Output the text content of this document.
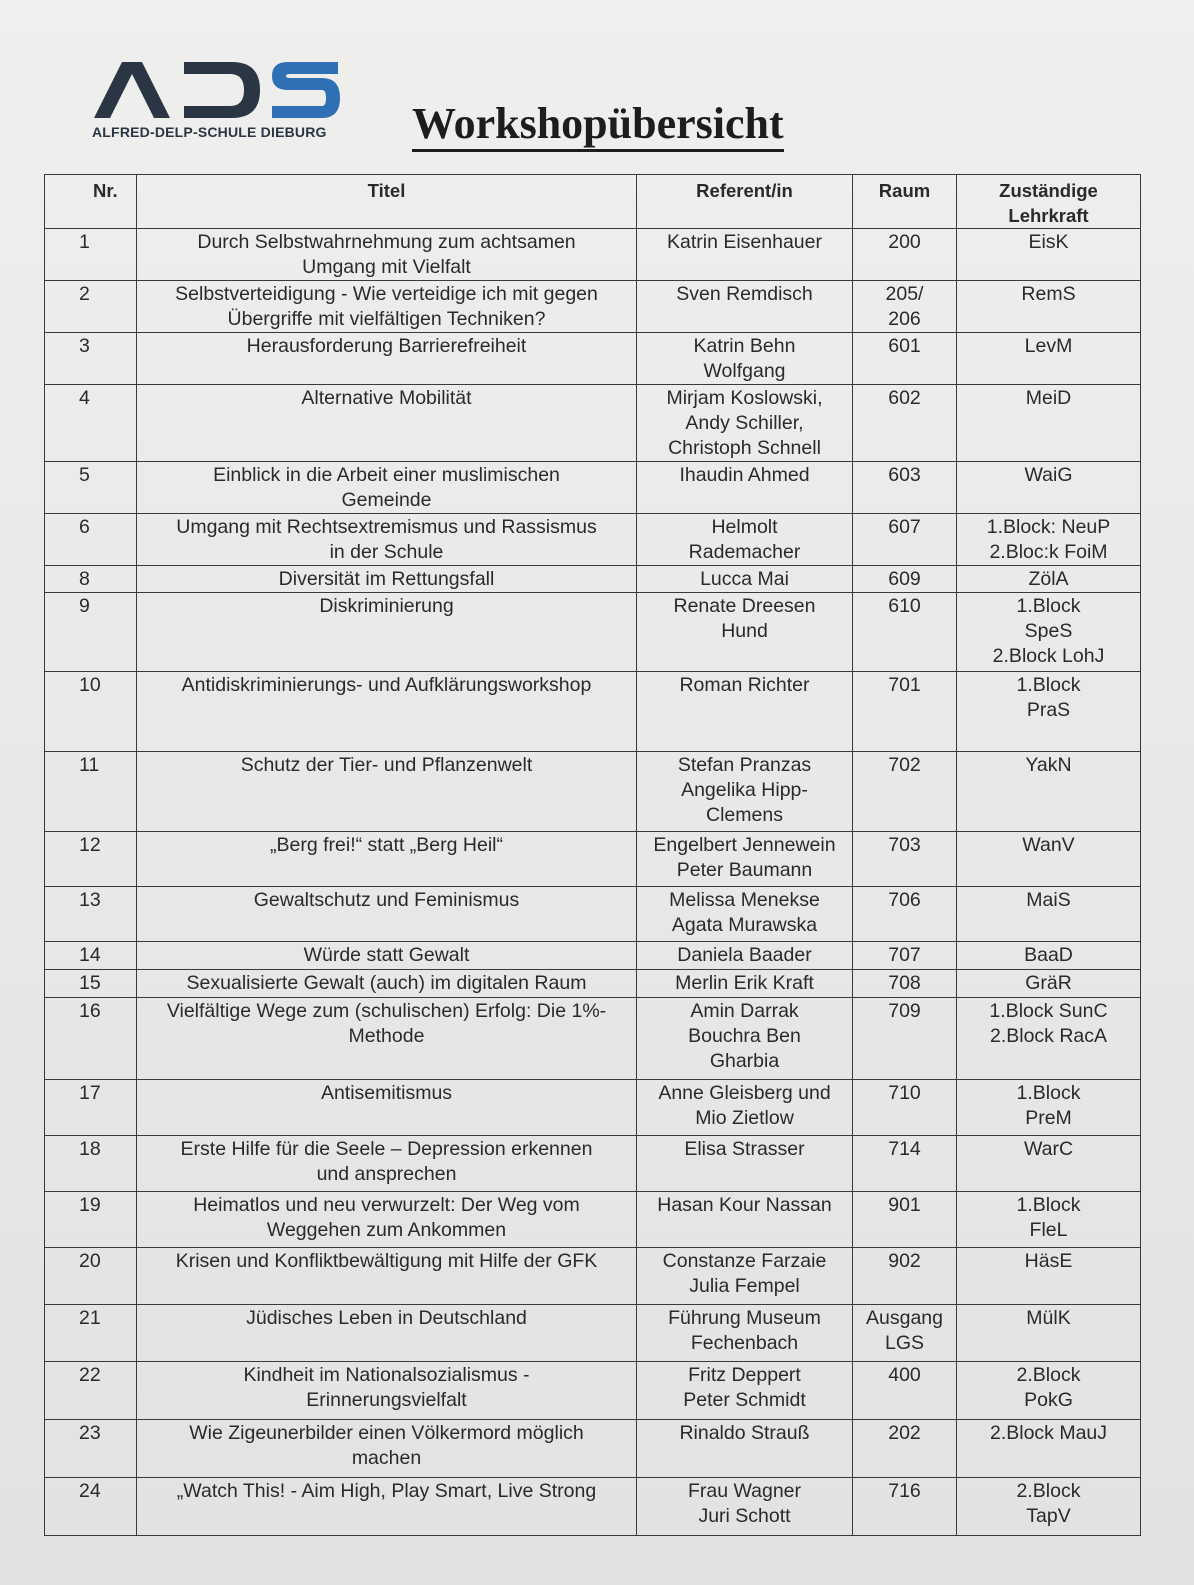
ALFRED-DELP-SCHULE DIEBURG	Workshopübersicht
Nr.	Titel	Referent/in	Raum	Zuständige
Lehrkraft

1	Durch Selbstwahrnehmung zum achtsamen
Umgang mit Vielfalt	Katrin Eisenhauer	200	EisK

2	Selbstverteidigung - Wie verteidige ich mit gegen
Übergriffe mit vielfältigen Techniken?	Sven Remdisch	205/
206	RemS

3	Herausforderung Barrierefreiheit	Katrin Behn
Wolfgang	601	LevM

4	Alternative Mobilität	Mirjam Koslowski,
Andy Schiller,
Christoph Schnell	602	MeiD

5	Einblick in die Arbeit einer muslimischen
Gemeinde	Ihaudin Ahmed	603	WaiG

6	Umgang mit Rechtsextremismus und Rassismus
in der Schule	Helmolt
Rademacher	607	1.Block: NeuP
2.Bloc:k FoiM

8	Diversität im Rettungsfall	Lucca Mai	609	ZölA

9	Diskriminierung	Renate Dreesen
Hund	610	1.Block
SpeS
2.Block LohJ

10	Antidiskriminierungs- und Aufklärungsworkshop	Roman Richter	701	1.Block
PraS

11	Schutz der Tier- und Pflanzenwelt	Stefan Pranzas
Angelika Hipp-
Clemens	702	YakN

12	„Berg frei!“ statt „Berg Heil“	Engelbert Jennewein
Peter Baumann	703	WanV

13	Gewaltschutz und Feminismus	Melissa Menekse
Agata Murawska	706	MaiS

14	Würde statt Gewalt	Daniela Baader	707	BaaD

15	Sexualisierte Gewalt (auch) im digitalen Raum	Merlin Erik Kraft	708	GräR

16	Vielfältige Wege zum (schulischen) Erfolg: Die 1%-
Methode	Amin Darrak
Bouchra Ben
Gharbia	709	1.Block SunC
2.Block RacA

17	Antisemitismus	Anne Gleisberg und
Mio Zietlow	710	1.Block
PreM

18	Erste Hilfe für die Seele – Depression erkennen
und ansprechen	Elisa Strasser	714	WarC

19	Heimatlos und neu verwurzelt: Der Weg vom
Weggehen zum Ankommen	Hasan Kour Nassan	901	1.Block
FleL

20	Krisen und Konfliktbewältigung mit Hilfe der GFK	Constanze Farzaie
Julia Fempel	902	HäsE

21	Jüdisches Leben in Deutschland	Führung Museum
Fechenbach	Ausgang
LGS	MülK

22	Kindheit im Nationalsozialismus -
Erinnerungsvielfalt	Fritz Deppert
Peter Schmidt	400	2.Block
PokG

23	Wie Zigeunerbilder einen Völkermord möglich
machen	Rinaldo Strauß	202	2.Block MauJ

24	„Watch This! - Aim High, Play Smart, Live Strong	Frau Wagner
Juri Schott	716	2.Block
TapV
